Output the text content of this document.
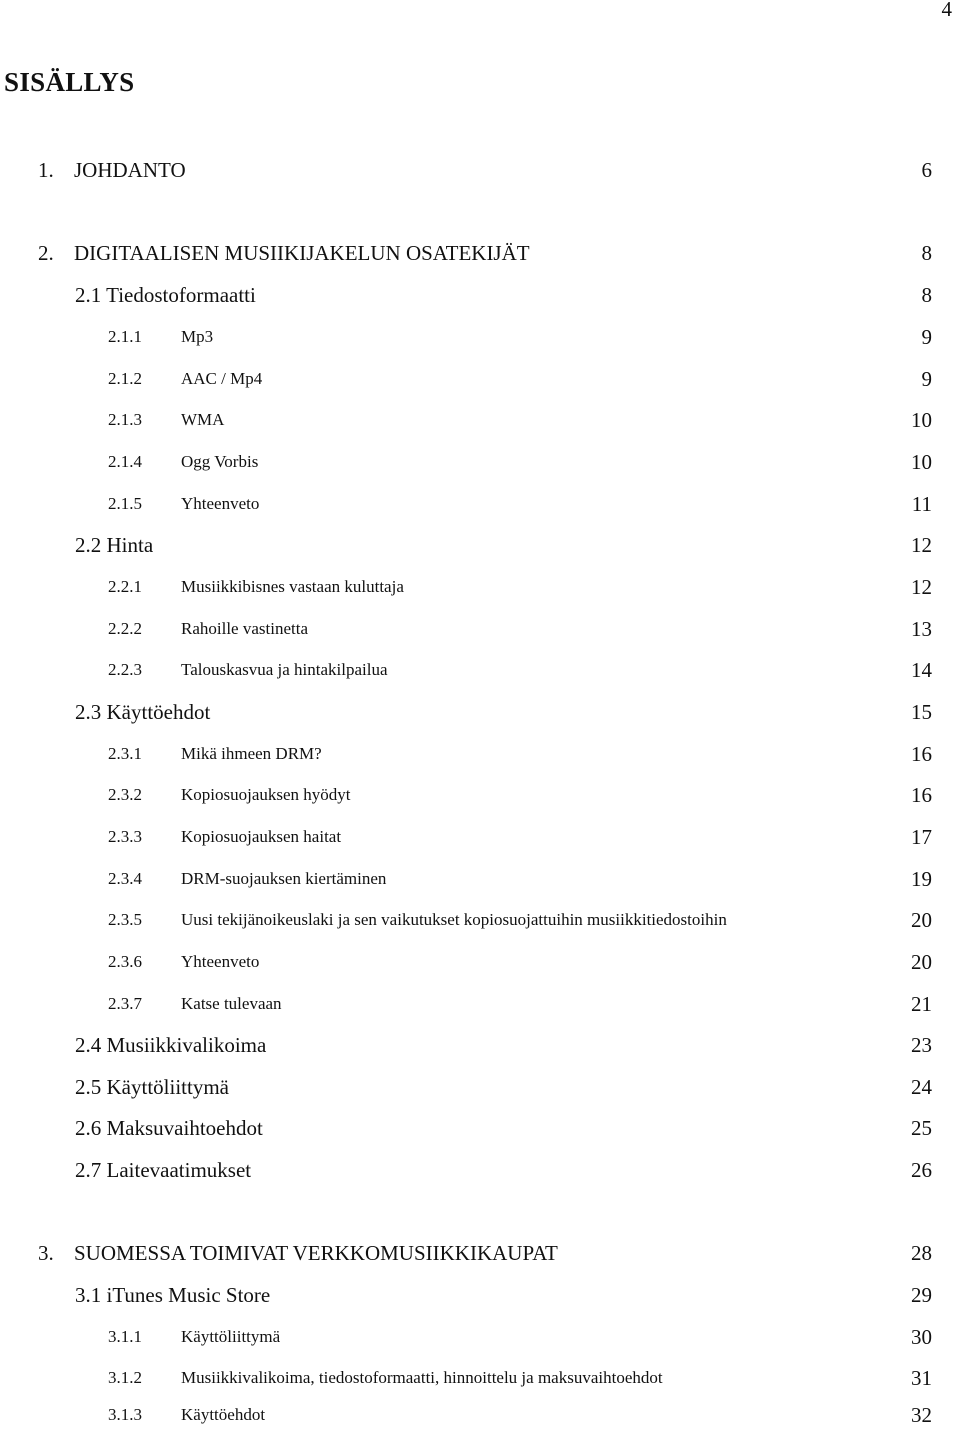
4
SISÄLLYS
1. JOHDANTO	6
2. DIGITAALISEN MUSIIKIJAKELUN OSATEKIJÄT	8
2.1 Tiedostoformaatti	8
2.1.1 Mp3	9
2.1.2 AAC / Mp4	9
2.1.3 WMA	10
2.1.4 Ogg Vorbis	10
2.1.5 Yhteenveto	11
2.2 Hinta	12
2.2.1 Musiikkibisnes vastaan kuluttaja	12
2.2.2 Rahoille vastinetta	13
2.2.3 Talouskasvua ja hintakilpailua	14
2.3 Käyttöehdot	15
2.3.1 Mikä ihmeen DRM?	16
2.3.2 Kopiosuojauksen hyödyt	16
2.3.3 Kopiosuojauksen haitat	17
2.3.4 DRM-suojauksen kiertäminen	19
2.3.5 Uusi tekijänoikeuslaki ja sen vaikutukset kopiosuojattuihin musiikkitiedostoihin	20
2.3.6 Yhteenveto	20
2.3.7 Katse tulevaan	21
2.4 Musiikkivalikoima	23
2.5 Käyttöliittymä	24
2.6 Maksuvaihtoehdot	25
2.7 Laitevaatimukset	26
3. SUOMESSA TOIMIVAT VERKKOMUSIIKKIKAUPAT	28
3.1 iTunes Music Store	29
3.1.1 Käyttöliittymä	30
3.1.2 Musiikkivalikoima, tiedostoformaatti, hinnoittelu ja maksuvaihtoehdot	31
3.1.3 Käyttöehdot	32
